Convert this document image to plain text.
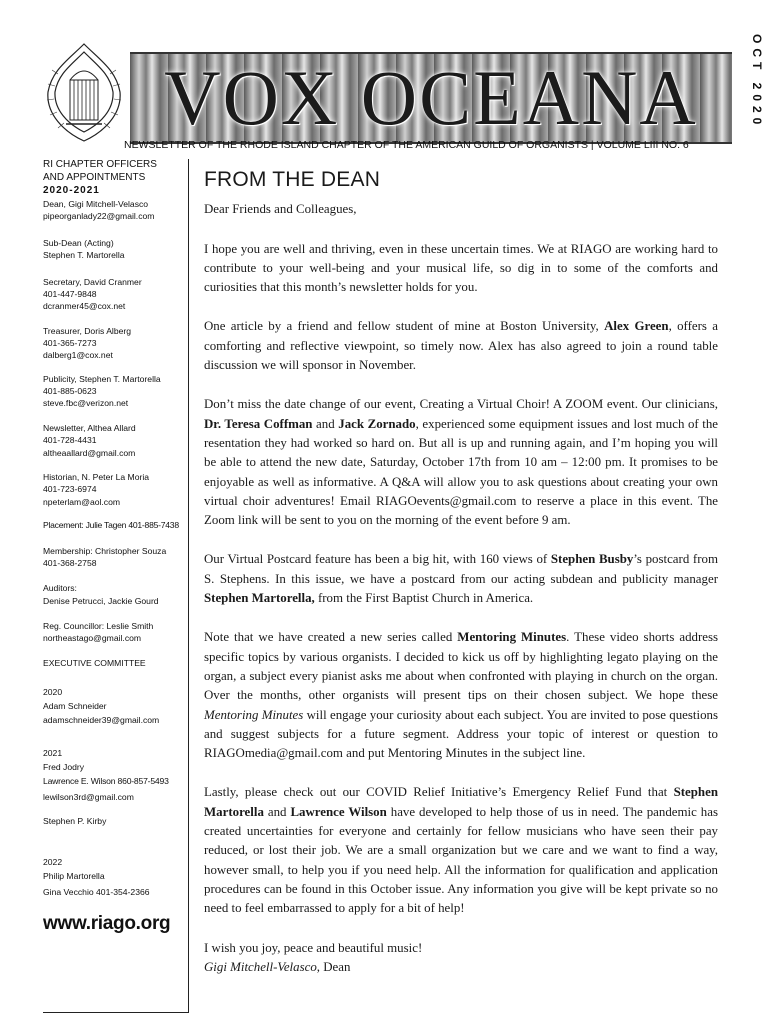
VOX OCEANA	OCT 2020
NEWSLETTER OF THE RHODE ISLAND CHAPTER OF THE AMERICAN GUILD OF ORGANISTS | VOLUME LIII NO. 6
RI CHAPTER OFFICERS
AND APPOINTMENTS
2020-2021
Dean, Gigi Mitchell-Velasco
pipeorganlady22@gmail.com
Sub-Dean (Acting)
Stephen T. Martorella
Secretary, David Cranmer
401-447-9848
dcranmer45@cox.net
Treasurer, Doris Alberg
401-365-7273
dalberg1@cox.net
Publicity, Stephen T. Martorella
401-885-0623
steve.fbc@verizon.net
Newsletter, Althea Allard
401-728-4431
altheaallard@gmail.com
Historian, N. Peter La Moria
401-723-6974
npeterlam@aol.com
Placement: Julie Tagen 401-885-7438
Membership: Christopher Souza
401-368-2758
Auditors:
Denise Petrucci, Jackie Gourd
Reg. Councillor: Leslie Smith
northeastago@gmail.com
EXECUTIVE COMMITTEE
2020
Adam Schneider
adamschneider39@gmail.com
2021
Fred Jodry
Lawrence E. Wilson 860-857-5493
lewilson3rd@gmail.com
Stephen P. Kirby
2022
Philip Martorella
Gina Vecchio 401-354-2366
www.riago.org
FROM THE DEAN

Dear Friends and Colleagues,

I hope you are well and thriving, even in these uncertain times. We at RIAGO are working hard to contribute to your well-being and your musical life, so dig in to some of the comforts and curiosities that this month’s newsletter holds for you.

One article by a friend and fellow student of mine at Boston University, Alex Green, offers a comforting and reflective viewpoint, so timely now. Alex has also agreed to join a round table discussion we will sponsor in November.

Don’t miss the date change of our event, Creating a Virtual Choir! A ZOOM event. Our clinicians, Dr. Teresa Coffman and Jack Zornado, experienced some equipment issues and lost much of the resentation they had worked so hard on. But all is up and running again, and I’m hoping you will be able to attend the new date, Saturday, October 17th from 10 am – 12:00 pm. It promises to be enjoyable as well as informative. A Q&A will allow you to ask questions about creating your own virtual choir adventures! Email RIAGOevents@gmail.com to reserve a place in this event. The Zoom link will be sent to you on the morning of the event before 9 am.

Our Virtual Postcard feature has been a big hit, with 160 views of Stephen Busby’s postcard from S. Stephens. In this issue, we have a postcard from our acting subdean and publicity manager Stephen Martorella, from the First Baptist Church in America.

Note that we have created a new series called Mentoring Minutes. These video shorts address specific topics by various organists. I decided to kick us off by highlighting legato playing on the organ, a subject every pianist asks me about when confronted with playing in church on the organ. Over the months, other organists will present tips on their chosen subject. We hope these Mentoring Minutes will engage your curiosity about each subject. You are invited to pose questions and suggest subjects for a future segment. Address your topic of interest or question to RIAGOmedia@gmail.com and put Mentoring Minutes in the subject line.

Lastly, please check out our COVID Relief Initiative’s Emergency Relief Fund that Stephen Martorella and Lawrence Wilson have developed to help those of us in need. The pandemic has created uncertainties for everyone and certainly for fellow musicians who have seen their pay reduced, or lost their job. We are a small organization but we care and we want to find a way, however small, to help you if you need help. All the information for qualification and application procedures can be found in this October issue. Any information you give will be kept private so no need to feel embarrassed to apply for a bit of help!

I wish you joy, peace and beautiful music!

Gigi Mitchell-Velasco, Dean
